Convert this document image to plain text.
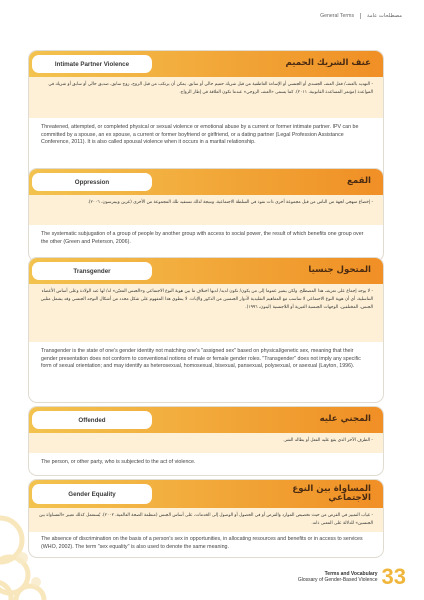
General Terms	مصطلحات عامة
Intimate Partner Violence	عنف الشريك الحميم
- التهديد بالعنف/ فعل العنف الجسدي أو الجنسي أو الإساءة العاطفية من قبل شريك حميم حالي أو سابق. يمكن أن يرتكب من قبل الزوج، زوج سابق، صديق حالي أو سابق أو شريك في المواعدة (مؤتمر المساعدة القانونية، ٢٠١١). كما يسمى «العنف الزوجي» عندما تكون العلاقة في إطار الزواج.
Threatened, attempted, or completed physical or sexual violence or emotional abuse by a current or former intimate partner. IPV can be committed by a spouse, an ex spouse, a current or former boyfriend or girlfriend, or a dating partner (Legal Profession Assistance Conference, 2011). It is also called spousal violence when it occurs in a marital relationship.
Oppression	القمع
- إخضاع منهجي لجهة من الناس من قبل مجموعة أخرى ذات نفوذ في السلطة الاجتماعية، ونتيجة لذلك تستفيد تلك المجموعة من الأخرى (غرين وبيترسون، ٢٠٠٦).
The systematic subjugation of a group of people by another group with access to social power, the result of which benefits one group over the other (Green and Peterson, 2006).
Transgender	المتحول جنسيا
- لا يوجد إجماع على تعريف هذا المصطلح. ولكن يشير عموما إلى من يكون/ تكون لديه/ لديها اختلاف ما بين هوية النوع الاجتماعي و«الجنس المعيّن» له/ لها عند الولادة وعلى أساس الأعضاء التناسلية، أي أن هوية النوع الاجتماعي لا تتناسب مع المفاهيم التقليدية لأدوار الجنسين من الذكور والإناث. لا ينطوي هذا المفهوم على شكل محدد من أشكال التوجه الجنسي وقد يشمل مثليي الجنس، المختلفين، الوجهات الجنسية الغيرية أو اللاجنسية (ليتون، ١٩٩٦).
Transgender is the state of one's gender identity not matching one's "assigned sex" based on physical/genetic sex, meaning that their gender presentation does not conform to conventional notions of male or female gender roles. "Transgender" does not imply any specific form of sexual orientation; and may identify as heterosexual, homosexual, bisexual, pansexual, polysexual, or asexual (Layton, 1996).
Offended	المجني عليه
- الطرف الآخر الذي يقع عليه الفعل أو يطاله الشر.
The person, or other party, who is subjected to the act of violence.
Gender Equality
المساواة بين النوع الاجتماعي
- غياب التمييز في الفرص من حيث تخصيص الموارد والفرص أو في الحصول أو الوصول إلى الخدمات، على أساس الجنس (منظمة الصحة العالمية، ٢٠٠٢). يُستعمل كذلك تعبير «المساواة بين الجنسين» للدلالة على المعنى ذاته.
The absence of discrimination on the basis of a person's sex in opportunities, in allocating resources and benefits or in access to services (WHO, 2002). The term "sex equality" is also used to denote the same meaning.
Terms and Vocabulary
Glossary of Gender-Based Violence 33
